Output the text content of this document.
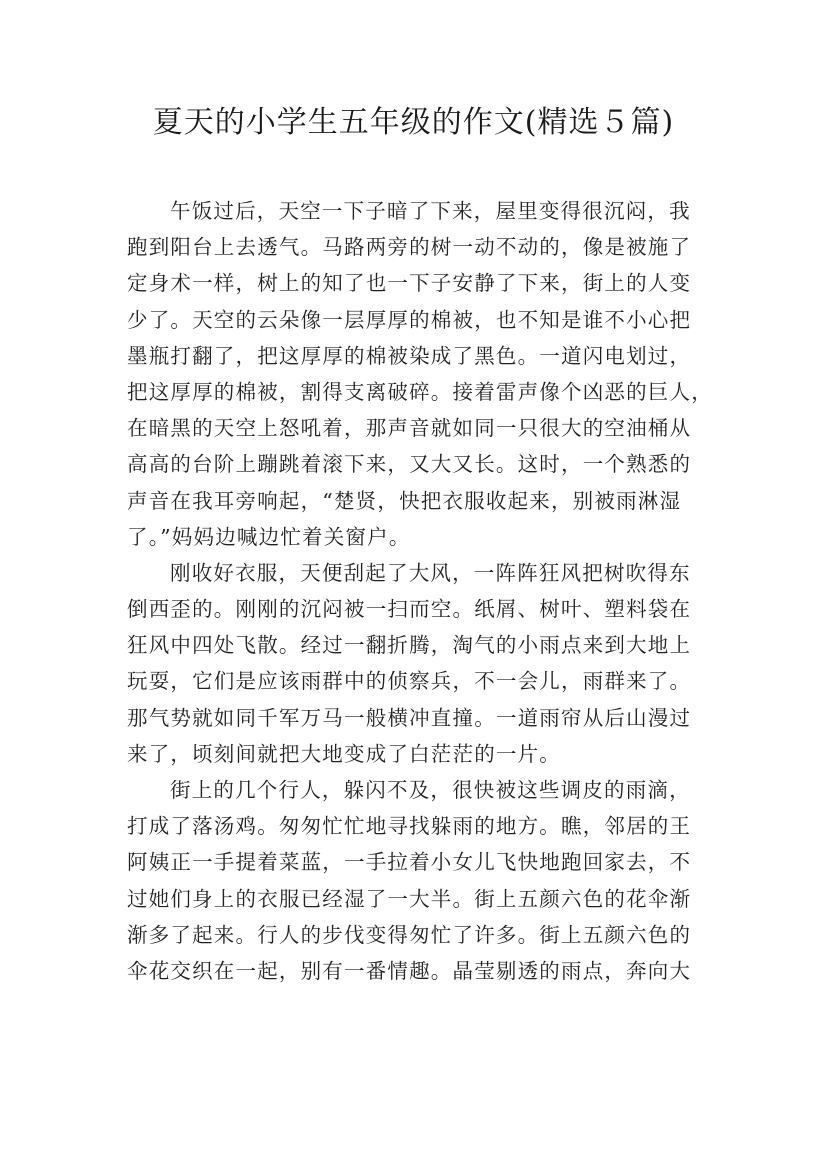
夏天的小学生五年级的作文(精选５篇)

午饭过后，天空一下子暗了下来，屋里变得很沉闷，我
跑到阳台上去透气。马路两旁的树一动不动的，像是被施了
定身术一样，树上的知了也一下子安静了下来，街上的人变
少了。天空的云朵像一层厚厚的棉被，也不知是谁不小心把
墨瓶打翻了，把这厚厚的棉被染成了黑色。一道闪电划过，
把这厚厚的棉被，割得支离破碎。接着雷声像个凶恶的巨人，
在暗黑的天空上怒吼着，那声音就如同一只很大的空油桶从
高高的台阶上蹦跳着滚下来，又大又长。这时，一个熟悉的
声音在我耳旁响起，“楚贤，快把衣服收起来，别被雨淋湿
了。”妈妈边喊边忙着关窗户。

刚收好衣服，天便刮起了大风，一阵阵狂风把树吹得东
倒西歪的。刚刚的沉闷被一扫而空。纸屑、树叶、塑料袋在
狂风中四处飞散。经过一翻折腾，淘气的小雨点来到大地上
玩耍，它们是应该雨群中的侦察兵，不一会儿，雨群来了。
那气势就如同千军万马一般横冲直撞。一道雨帘从后山漫过
来了，顷刻间就把大地变成了白茫茫的一片。

街上的几个行人，躲闪不及，很快被这些调皮的雨滴，
打成了落汤鸡。匆匆忙忙地寻找躲雨的地方。瞧，邻居的王
阿姨正一手提着菜蓝，一手拉着小女儿飞快地跑回家去，不
过她们身上的衣服已经湿了一大半。街上五颜六色的花伞渐
渐多了起来。行人的步伐变得匆忙了许多。街上五颜六色的
伞花交织在一起，别有一番情趣。晶莹剔透的雨点，奔向大
